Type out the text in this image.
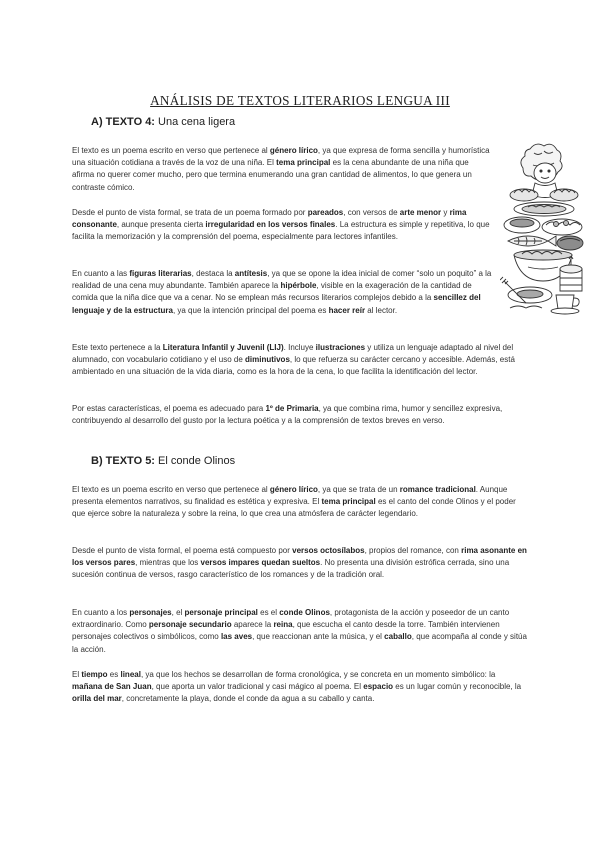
ANÁLISIS DE TEXTOS LITERARIOS LENGUA III
A) TEXTO 4: Una cena ligera

El texto es un poema escrito en verso que pertenece al género lírico, ya que expresa de forma sencilla y humorística una situación cotidiana a través de la voz de una niña. El tema principal es la cena abundante de una niña que afirma no querer comer mucho, pero que termina enumerando una gran cantidad de alimentos, lo que genera un contraste cómico.

Desde el punto de vista formal, se trata de un poema formado por pareados, con versos de arte menor y rima consonante, aunque presenta cierta irregularidad en los versos finales. La estructura es simple y repetitiva, lo que facilita la memorización y la comprensión del poema, especialmente para lectores infantiles.

En cuanto a las figuras literarias, destaca la antítesis, ya que se opone la idea inicial de comer “solo un poquito” a la realidad de una cena muy abundante. También aparece la hipérbole, visible en la exageración de la cantidad de comida que la niña dice que va a cenar. No se emplean más recursos literarios complejos debido a la sencillez del lenguaje y de la estructura, ya que la intención principal del poema es hacer reír al lector.

Este texto pertenece a la Literatura Infantil y Juvenil (LIJ). Incluye ilustraciones y utiliza un lenguaje adaptado al nivel del alumnado, con vocabulario cotidiano y el uso de diminutivos, lo que refuerza su carácter cercano y accesible. Además, está ambientado en una situación de la vida diaria, como es la hora de la cena, lo que facilita la identificación del lector.

Por estas características, el poema es adecuado para 1º de Primaria, ya que combina rima, humor y sencillez expresiva, contribuyendo al desarrollo del gusto por la lectura poética y a la comprensión de textos breves en verso.

B) TEXTO 5: El conde Olinos

El texto es un poema escrito en verso que pertenece al género lírico, ya que se trata de un romance tradicional. Aunque presenta elementos narrativos, su finalidad es estética y expresiva. El tema principal es el canto del conde Olinos y el poder que ejerce sobre la naturaleza y sobre la reina, lo que crea una atmósfera de carácter legendario.

Desde el punto de vista formal, el poema está compuesto por versos octosílabos, propios del romance, con rima asonante en los versos pares, mientras que los versos impares quedan sueltos. No presenta una división estrófica cerrada, sino una sucesión continua de versos, rasgo característico de los romances y de la tradición oral.

En cuanto a los personajes, el personaje principal es el conde Olinos, protagonista de la acción y poseedor de un canto extraordinario. Como personaje secundario aparece la reina, que escucha el canto desde la torre. También intervienen personajes colectivos o simbólicos, como las aves, que reaccionan ante la música, y el caballo, que acompaña al conde y sitúa la acción.

El tiempo es lineal, ya que los hechos se desarrollan de forma cronológica, y se concreta en un momento simbólico: la mañana de San Juan, que aporta un valor tradicional y casi mágico al poema. El espacio es un lugar común y reconocible, la orilla del mar, concretamente la playa, donde el conde da agua a su caballo y canta.
